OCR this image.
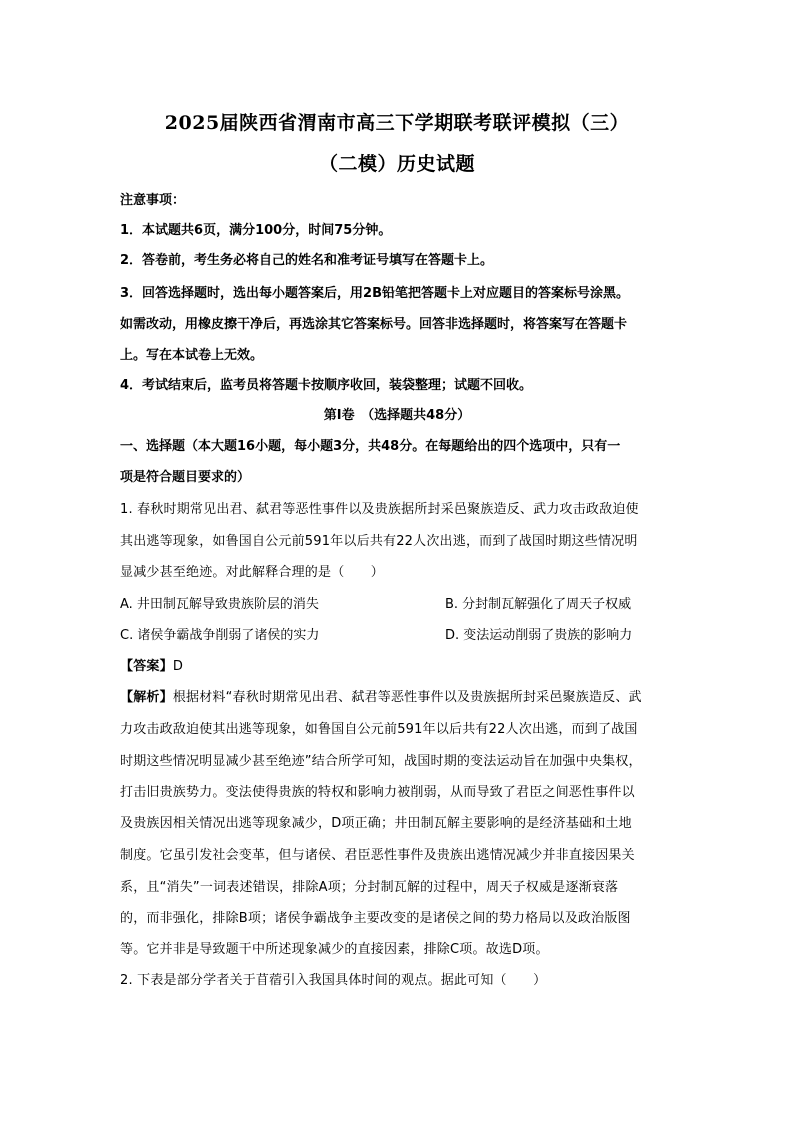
2025届陕西省渭南市高三下学期联考联评模拟（三）
（二模）历史试题
注意事项：
1．本试题共6页，满分100分，时间75分钟。
2．答卷前，考生务必将自己的姓名和准考证号填写在答题卡上。
3．回答选择题时，选出每小题答案后，用2B铅笔把答题卡上对应题目的答案标号涂黑。
如需改动，用橡皮擦干净后，再选涂其它答案标号。回答非选择题时，将答案写在答题卡
上。写在本试卷上无效。
4．考试结束后，监考员将答题卡按顺序收回，装袋整理；试题不回收。
第Ⅰ卷　（选择题共48分）
一、选择题（本大题16小题，每小题3分，共48分。在每题给出的四个选项中，只有一
项是符合题目要求的）
1. 春秋时期常见出君、弑君等恶性事件以及贵族据所封采邑聚族造反、武力攻击政敌迫使
其出逃等现象，如鲁国自公元前591年以后共有22人次出逃，而到了战国时期这些情况明
显减少甚至绝迹。对此解释合理的是（　　）
A. 井田制瓦解导致贵族阶层的消失	B. 分封制瓦解强化了周天子权威
C. 诸侯争霸战争削弱了诸侯的实力	D. 变法运动削弱了贵族的影响力
【答案】D
【解析】根据材料“春秋时期常见出君、弑君等恶性事件以及贵族据所封采邑聚族造反、武
力攻击政敌迫使其出逃等现象，如鲁国自公元前591年以后共有22人次出逃，而到了战国
时期这些情况明显减少甚至绝迹”结合所学可知，战国时期的变法运动旨在加强中央集权，
打击旧贵族势力。变法使得贵族的特权和影响力被削弱，从而导致了君臣之间恶性事件以
及贵族因相关情况出逃等现象减少，D项正确；井田制瓦解主要影响的是经济基础和土地
制度。它虽引发社会变革，但与诸侯、君臣恶性事件及贵族出逃情况减少并非直接因果关
系，且“消失”一词表述错误，排除A项；分封制瓦解的过程中，周天子权威是逐渐衰落
的，而非强化，排除B项；诸侯争霸战争主要改变的是诸侯之间的势力格局以及政治版图
等。它并非是导致题干中所述现象减少的直接因素，排除C项。故选D项。
2. 下表是部分学者关于苜蓿引入我国具体时间的观点。据此可知（　　）
